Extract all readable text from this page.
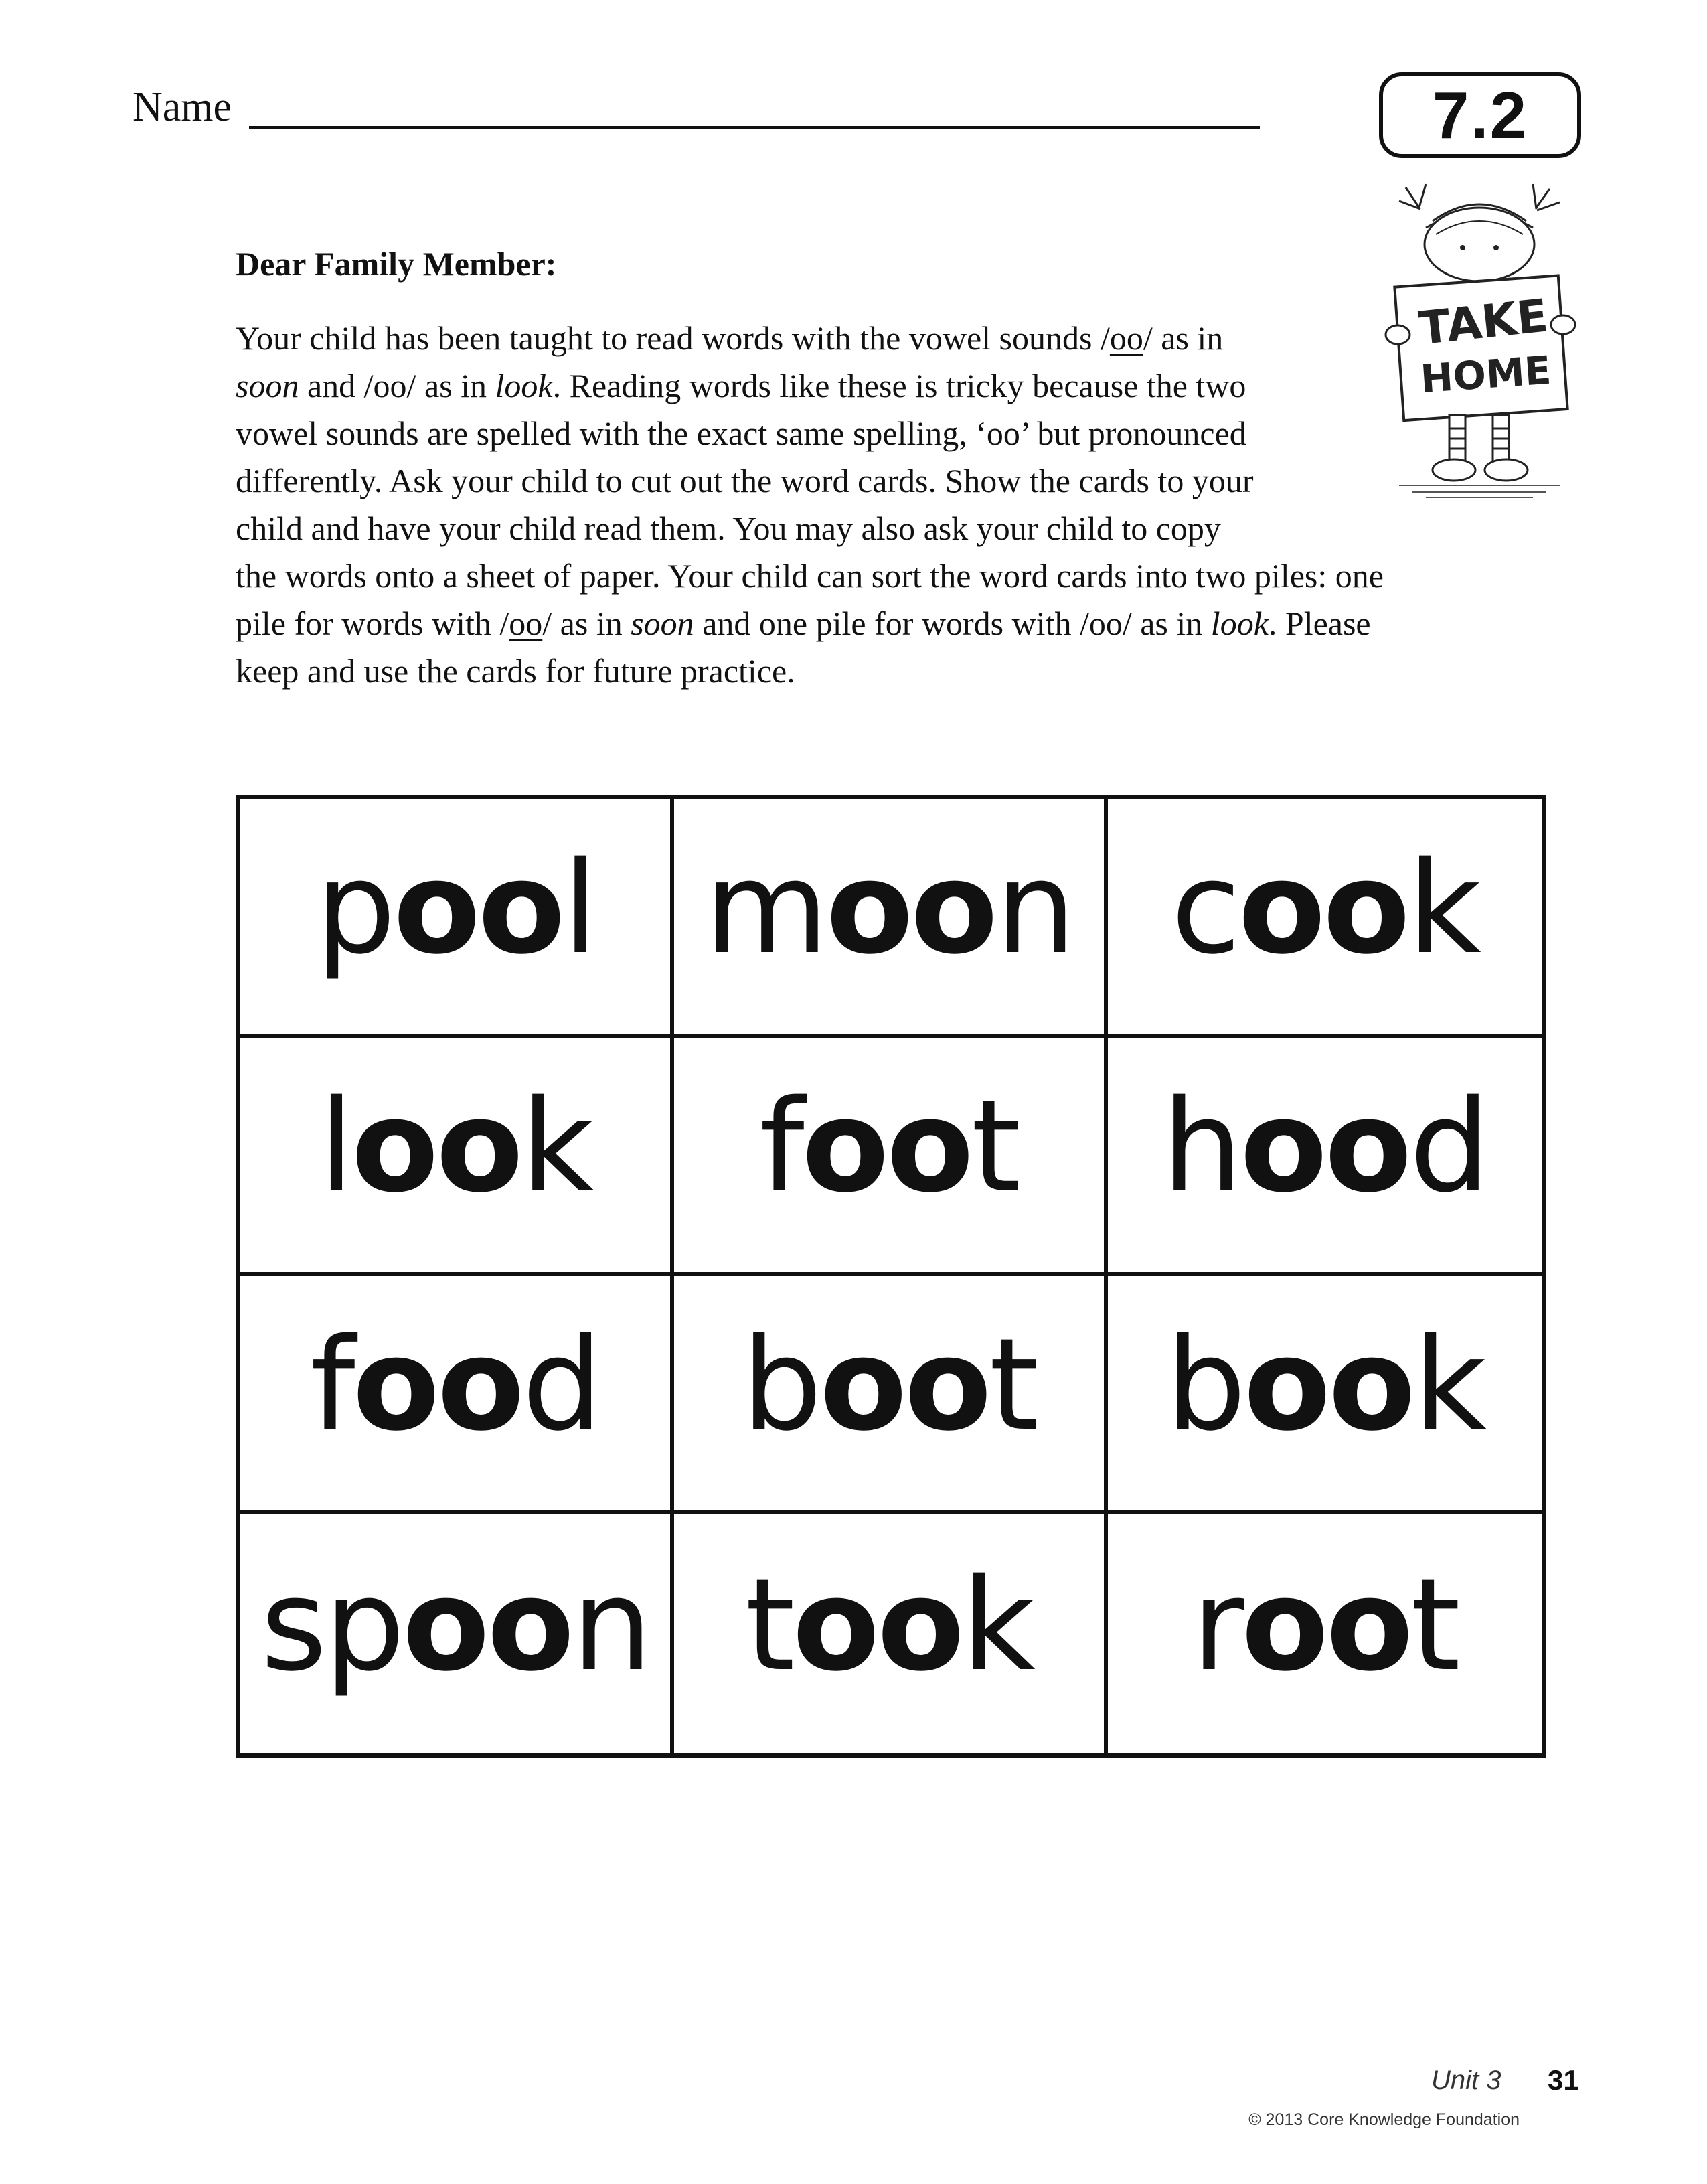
Name	7.2
TAKE
HOME
Dear Family Member:
Your child has been taught to read words with the vowel sounds /oo/ as in
soon and /oo/ as in look. Reading words like these is tricky because the two
vowel sounds are spelled with the exact same spelling, ‘oo’ but pronounced
differently. Ask your child to cut out the word cards. Show the cards to your
child and have your child read them. You may also ask your child to copy
the words onto a sheet of paper. Your child can sort the word cards into two piles: one
pile for words with /oo/ as in soon and one pile for words with /oo/ as in look. Please
keep and use the cards for future practice.
p oo l m oo n c oo k
l oo k f oo t h oo d
f oo d b oo t b oo k
sp oo n t oo k r oo t
Unit 3 31
© 2013 Core Knowledge Foundation
